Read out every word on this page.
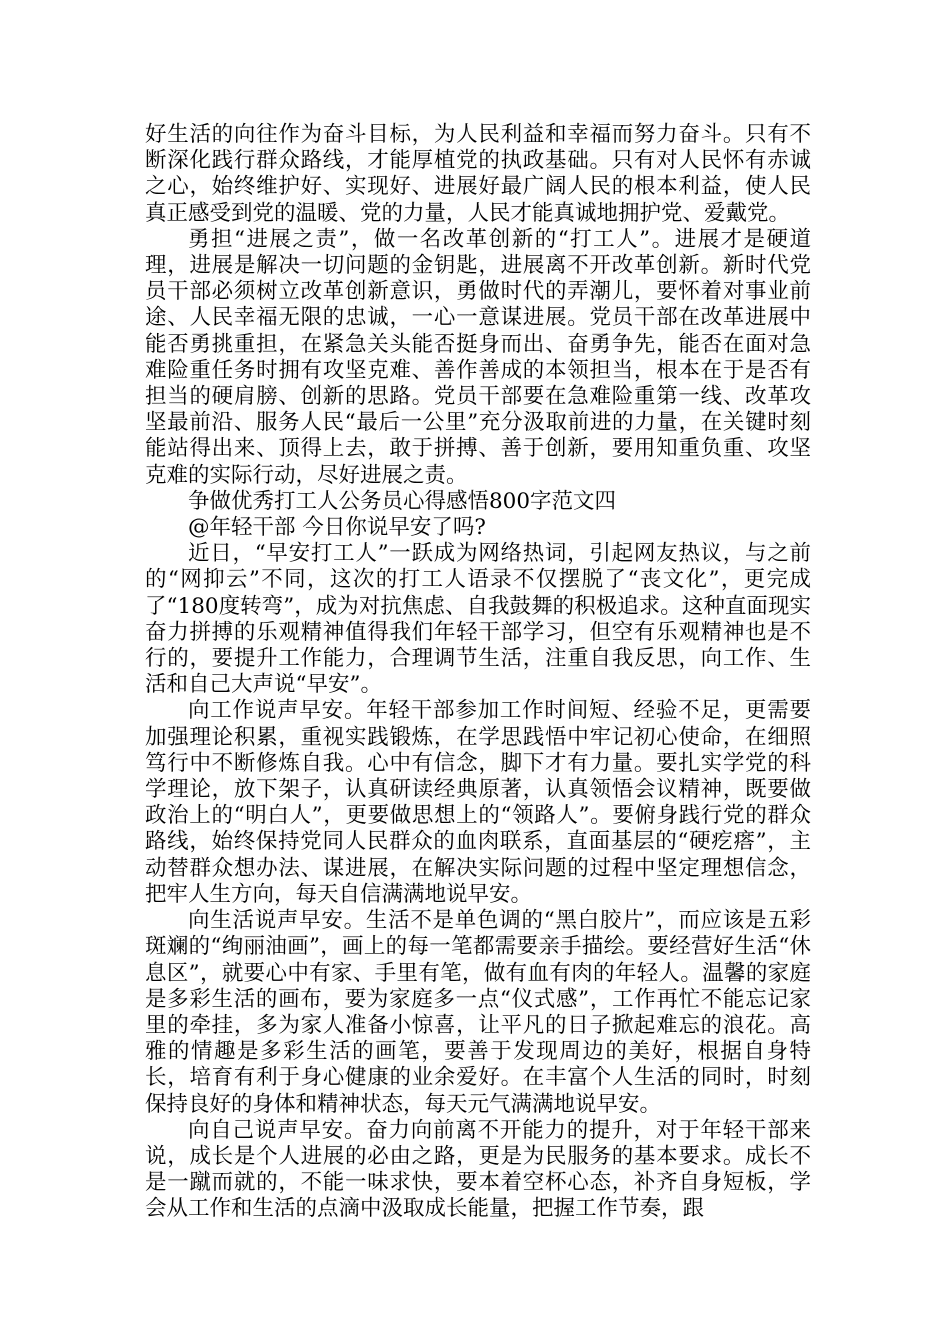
好生活的向往作为奋斗目标，为人民利益和幸福而努力奋斗。只有不断深化践行群众路线，才能厚植党的执政基础。只有对人民怀有赤诚之心，始终维护好、实现好、进展好最广阔人民的根本利益，使人民真正感受到党的温暖、党的力量，人民才能真诚地拥护党、爱戴党。

勇担“进展之责”，做一名改革创新的“打工人”。进展才是硬道理，进展是解决一切问题的金钥匙，进展离不开改革创新。新时代党员干部必须树立改革创新意识，勇做时代的弄潮儿，要怀着对事业前途、人民幸福无限的忠诚，一心一意谋进展。党员干部在改革进展中能否勇挑重担，在紧急关头能否挺身而出、奋勇争先，能否在面对急难险重任务时拥有攻坚克难、善作善成的本领担当，根本在于是否有担当的硬肩膀、创新的思路。党员干部要在急难险重第一线、改革攻坚最前沿、服务人民“最后一公里”充分汲取前进的力量，在关键时刻能站得出来、顶得上去，敢于拼搏、善于创新，要用知重负重、攻坚克难的实际行动，尽好进展之责。

争做优秀打工人公务员心得感悟800字范文四

@年轻干部 今日你说早安了吗?

近日，“早安打工人”一跃成为网络热词，引起网友热议，与之前的“网抑云”不同，这次的打工人语录不仅摆脱了“丧文化”，更完成了“180度转弯”，成为对抗焦虑、自我鼓舞的积极追求。这种直面现实奋力拼搏的乐观精神值得我们年轻干部学习，但空有乐观精神也是不行的，要提升工作能力，合理调节生活，注重自我反思，向工作、生活和自己大声说“早安”。

向工作说声早安。年轻干部参加工作时间短、经验不足，更需要加强理论积累，重视实践锻炼，在学思践悟中牢记初心使命，在细照笃行中不断修炼自我。心中有信念，脚下才有力量。要扎实学党的科学理论，放下架子，认真研读经典原著，认真领悟会议精神，既要做政治上的“明白人”，更要做思想上的“领路人”。要俯身践行党的群众路线，始终保持党同人民群众的血肉联系，直面基层的“硬疙瘩”，主动替群众想办法、谋进展，在解决实际问题的过程中坚定理想信念，把牢人生方向，每天自信满满地说早安。

向生活说声早安。生活不是单色调的“黑白胶片”，而应该是五彩斑斓的“绚丽油画”，画上的每一笔都需要亲手描绘。要经营好生活“休息区”，就要心中有家、手里有笔，做有血有肉的年轻人。温馨的家庭是多彩生活的画布，要为家庭多一点“仪式感”，工作再忙不能忘记家里的牵挂，多为家人准备小惊喜，让平凡的日子掀起难忘的浪花。高雅的情趣是多彩生活的画笔，要善于发现周边的美好，根据自身特长，培育有利于身心健康的业余爱好。在丰富个人生活的同时，时刻保持良好的身体和精神状态，每天元气满满地说早安。

向自己说声早安。奋力向前离不开能力的提升，对于年轻干部来说，成长是个人进展的必由之路，更是为民服务的基本要求。成长不是一蹴而就的，不能一味求快，要本着空杯心态，补齐自身短板，学会从工作和生活的点滴中汲取成长能量，把握工作节奏，跟
